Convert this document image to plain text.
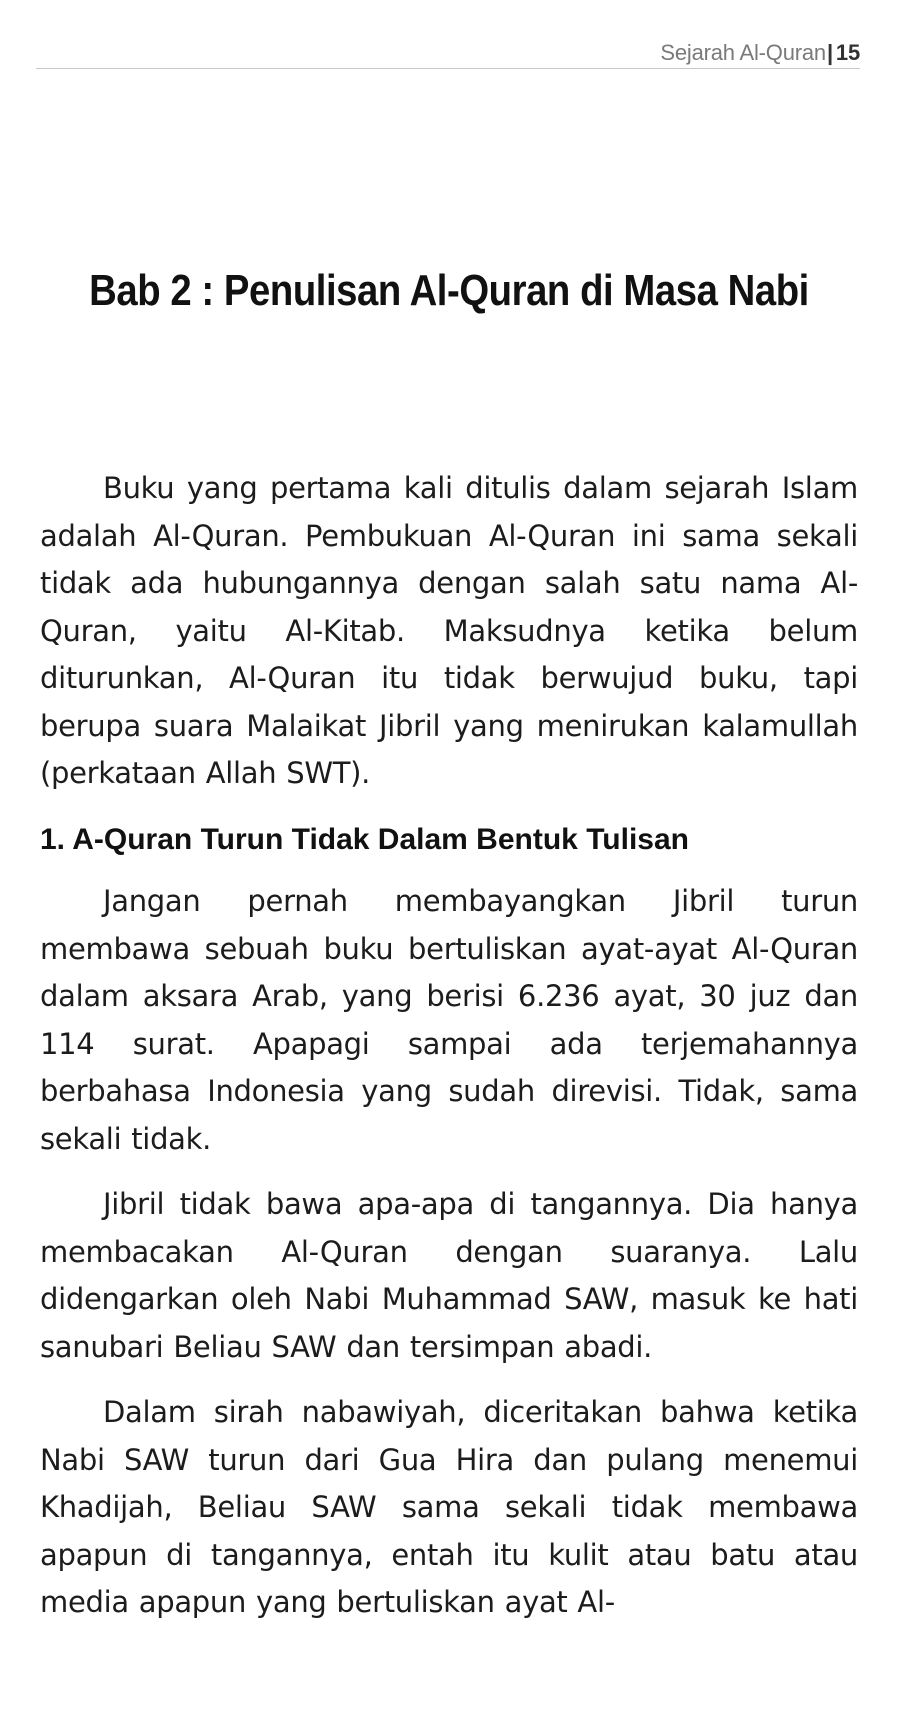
Sejarah Al-Quran| 15
Bab 2 : Penulisan Al-Quran di Masa Nabi

Buku yang pertama kali ditulis dalam sejarah Islam adalah Al-Quran. Pembukuan Al-Quran ini sama sekali tidak ada hubungannya dengan salah satu nama Al-Quran, yaitu Al-Kitab. Maksudnya ketika belum diturunkan, Al-Quran itu tidak berwujud buku, tapi berupa suara Malaikat Jibril yang menirukan kalamullah (perkataan Allah SWT).

1. A-Quran Turun Tidak Dalam Bentuk Tulisan

Jangan pernah membayangkan Jibril turun membawa sebuah buku bertuliskan ayat-ayat Al-Quran dalam aksara Arab, yang berisi 6.236 ayat, 30 juz dan 114 surat. Apapagi sampai ada terjemahannya berbahasa Indonesia yang sudah direvisi. Tidak, sama sekali tidak.

Jibril tidak bawa apa-apa di tangannya. Dia hanya membacakan Al-Quran dengan suaranya. Lalu didengarkan oleh Nabi Muhammad SAW, masuk ke hati sanubari Beliau SAW dan tersimpan abadi.

Dalam sirah nabawiyah, diceritakan bahwa ketika Nabi SAW turun dari Gua Hira dan pulang menemui Khadijah, Beliau SAW sama sekali tidak membawa apapun di tangannya, entah itu kulit atau batu atau media apapun yang bertuliskan ayat Al-
